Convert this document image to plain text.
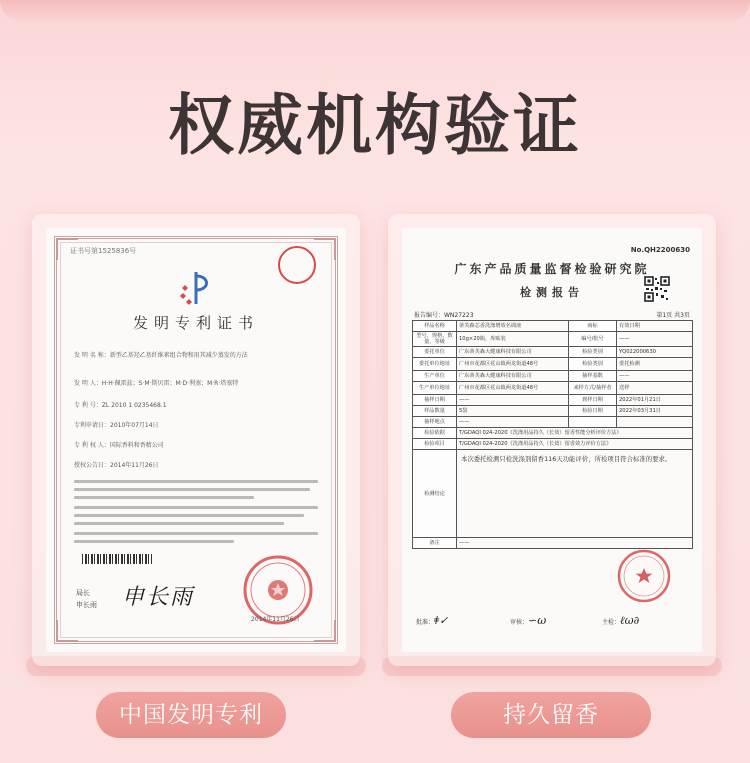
权威机构验证
证书号第1525836号
发明专利证书
发 明 名 称：新型乙基羟乙基纤维素组合物和用其减少蒸发的方法
发 明 人：H·H·佩雷兹；S·M·斯贝雷；M·D·利塞；M·R·塔塞特
专 利 号：ZL 2010 1 0235468.1
专利申请日：2010年07月14日
专 利 权 人：国际香料和香精公司
授权公告日：2014年11月26日
局长
申长雨 申长雨
2014年11月26日
No.QH2200630
广东产品质量监督检验研究院
检测报告
报告编号：WN27223	第1页 共3页
样品名称	蒂芙森芯香洗涤增效名调液	商标	有效日期
型号、规格、数量、等级	10g×20瓶，库贴装	编号/批号	——
委托单位	广东蒂芙森大健康科技有限公司	检验类别	YQ022000630
委托单位地址	广州市花都区花山镇两龙街道48号	检验类别	委托检测
生产单位	广东蒂芙森大健康科技有限公司	抽样基数	——
生产单位地址	广州市花都区花山镇两龙街道48号	来样方式/抽样者	送样
抽样日期	——	到样日期	2022年01月21日
样品数量	5袋	检验日期	2022年03月31日
抽样地点	——		
检验依据	T/GDAQI 024-2020《洗涤用品持久（长效）留香性能分析评价方法》		
检验项目	T/GDAQI 024-2020《洗涤用品持久（长效）留香效力评价方法》		
检测结论	本次委托检测只检洗涤剂留香116天功能评价，所检项目符合标准的要求。		
备注	——		
批准：ǂ✓	审核：∽ω	主检：ℓω∂
中国发明专利	持久留香
